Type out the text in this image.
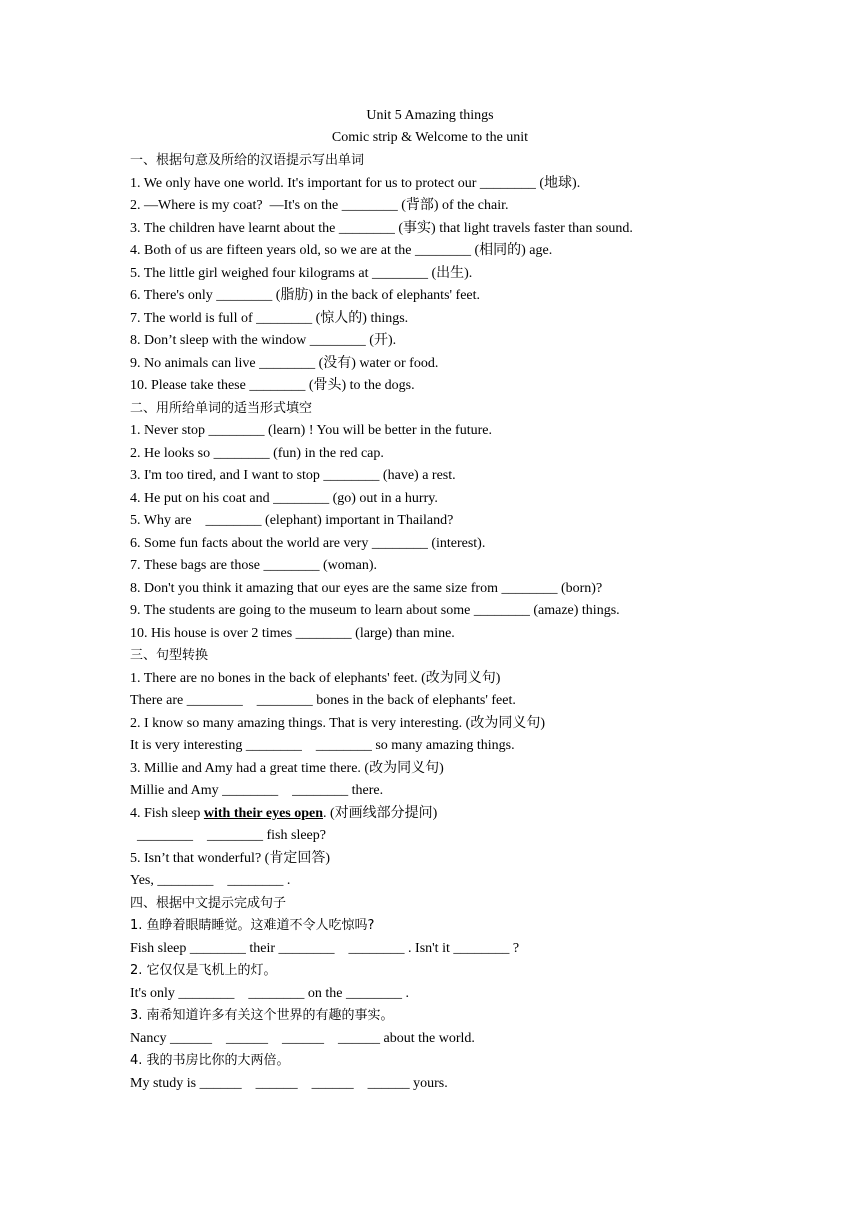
Unit 5 Amazing things
Comic strip & Welcome to the unit
一、根据句意及所给的汉语提示写出单词
1. We only have one world. It's important for us to protect our ________ (地球).
2. —Where is my coat?  —It's on the ________ (背部) of the chair.
3. The children have learnt about the ________ (事实) that light travels faster than sound.
4. Both of us are fifteen years old, so we are at the ________ (相同的) age.
5. The little girl weighed four kilograms at ________ (出生).
6. There's only ________ (脂肪) in the back of elephants' feet.
7. The world is full of ________ (惊人的) things.
8. Don’t sleep with the window ________ (开).
9. No animals can live ________ (没有) water or food.
10. Please take these ________ (骨头) to the dogs.
二、用所给单词的适当形式填空
1. Never stop ________ (learn) ! You will be better in the future.
2. He looks so ________ (fun) in the red cap.
3. I'm too tired, and I want to stop ________ (have) a rest.
4. He put on his coat and ________ (go) out in a hurry.
5. Why are    ________ (elephant) important in Thailand?
6. Some fun facts about the world are very ________ (interest).
7. These bags are those ________ (woman).
8. Don't you think it amazing that our eyes are the same size from ________ (born)?
9. The students are going to the museum to learn about some ________ (amaze) things.
10. His house is over 2 times ________ (large) than mine.
三、句型转换
1. There are no bones in the back of elephants' feet. (改为同义句)
There are ________    ________ bones in the back of elephants' feet.
2. I know so many amazing things. That is very interesting. (改为同义句)
It is very interesting ________    ________ so many amazing things.
3. Millie and Amy had a great time there. (改为同义句)
Millie and Amy ________    ________ there.
4. Fish sleep with their eyes open. (对画线部分提问)
________    ________ fish sleep?
5. Isn’t that wonderful? (肯定回答)
Yes, ________    ________ .
四、根据中文提示完成句子
1. 鱼睁着眼睛睡觉。这难道不令人吃惊吗?
Fish sleep ________ their ________    ________ . Isn't it ________ ?
2. 它仅仅是飞机上的灯。
It's only ________    ________ on the ________ .
3. 南希知道许多有关这个世界的有趣的事实。
Nancy ______    ______    ______    ______ about the world.
4. 我的书房比你的大两倍。
My study is ______    ______    ______    ______ yours.
